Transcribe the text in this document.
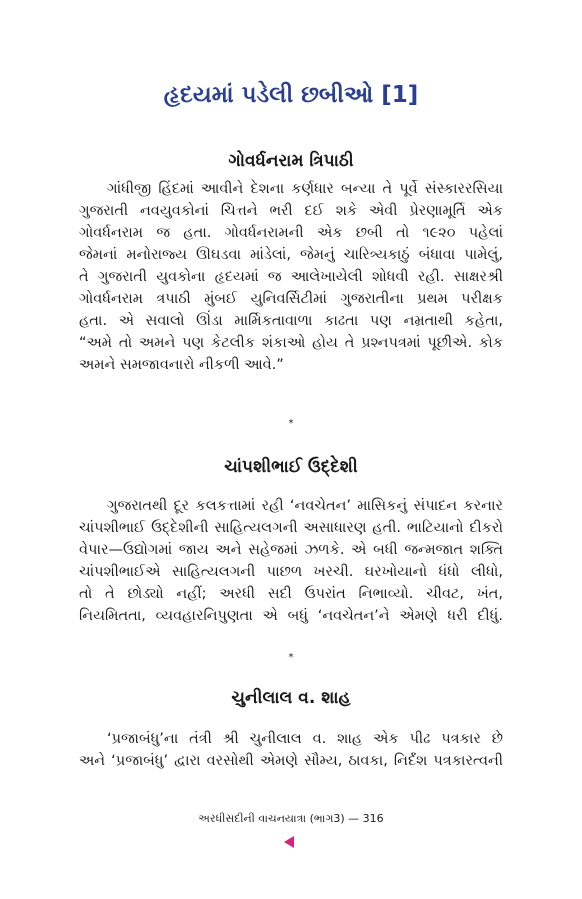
હૃદયમાં પડેલી છબીઓ [1]
ગોવર્ધનરામ ત્રિપાઠી
ગાંધીજી હિંદમાં આવીને દેશના કર્ણધાર બન્યા તે પૂર્વે સંસ્કારરસિયા
ગુજરાતી નવયુવકોનાં ચિત્તને ભરી દઈ શકે એવી પ્રેરણામૂર્તિ એક
ગોવર્ધનરામ જ હતા. ગોવર્ધનરામની એક છબી તો ૧૯૨૦ પહેલાં
જેમનાં મનોરાજ્ય ઊઘડવા માંડેલાં, જેમનું ચારિત્ર્યકાઠું બંધાવા પામેલું,
તે ગુજરાતી યુવકોના હૃદયમાં જ આલેખાયેલી શોધવી રહી. સાક્ષરશ્રી
ગોવર્ધનરામ ત્રપાઠી મુંબઈ યુનિવર્સિટીમાં ગુજરાતીના પ્રથમ પરીક્ષક
હતા. એ સવાલો ઊંડા માર્મિકતાવાળા કાઢતા પણ નમ્રતાથી કહેતા,
“અમે તો અમને પણ કેટલીક શંકાઓ હોય તે પ્રશ્નપત્રમાં પૂછીએ. કોક
અમને સમજાવનારો નીકળી આવે.”
*
ચાંપશીભાઈ ઉદ્દેશી
ગુજરાતથી દૂર કલકત્તામાં રહી ‘નવચેતન’ માસિકનું સંપાદન કરનાર
ચાંપશીભાઈ ઉદ્દેશીની સાહિત્યલગની અસાધારણ હતી. ભાટિયાનો દીકરો
વેપાર—ઉદ્યોગમાં જાય અને સહેજમાં ઝળકે. એ બધી જન્મજાત શક્તિ
ચાંપશીભાઈએ સાહિત્યલગની પાછળ ખરચી. ઘરખોયાનો ધંધો લીધો,
તો તે છોડ્યો નહીં; અરધી સદી ઉપરાંત નિભાવ્યો. ચીવટ, ખંત,
નિયમિતતા, વ્યવહારનિપુણતા એ બધું ‘નવચેતન’ને એમણે ધરી દીધું.
*
ચુનીલાલ વ. શાહ
‘પ્રજાબંધુ’ના તંત્રી શ્રી ચુનીલાલ વ. શાહ એક પીઢ પત્રકાર છે
અને ‘પ્રજાબંધુ’ દ્વારા વરસોથી એમણે સૌમ્ય, ઠાવકા, નિર્દંશ પત્રકારત્વની
અરધીસદીની વાચનયાત્રા (ભાગ3) — 316
